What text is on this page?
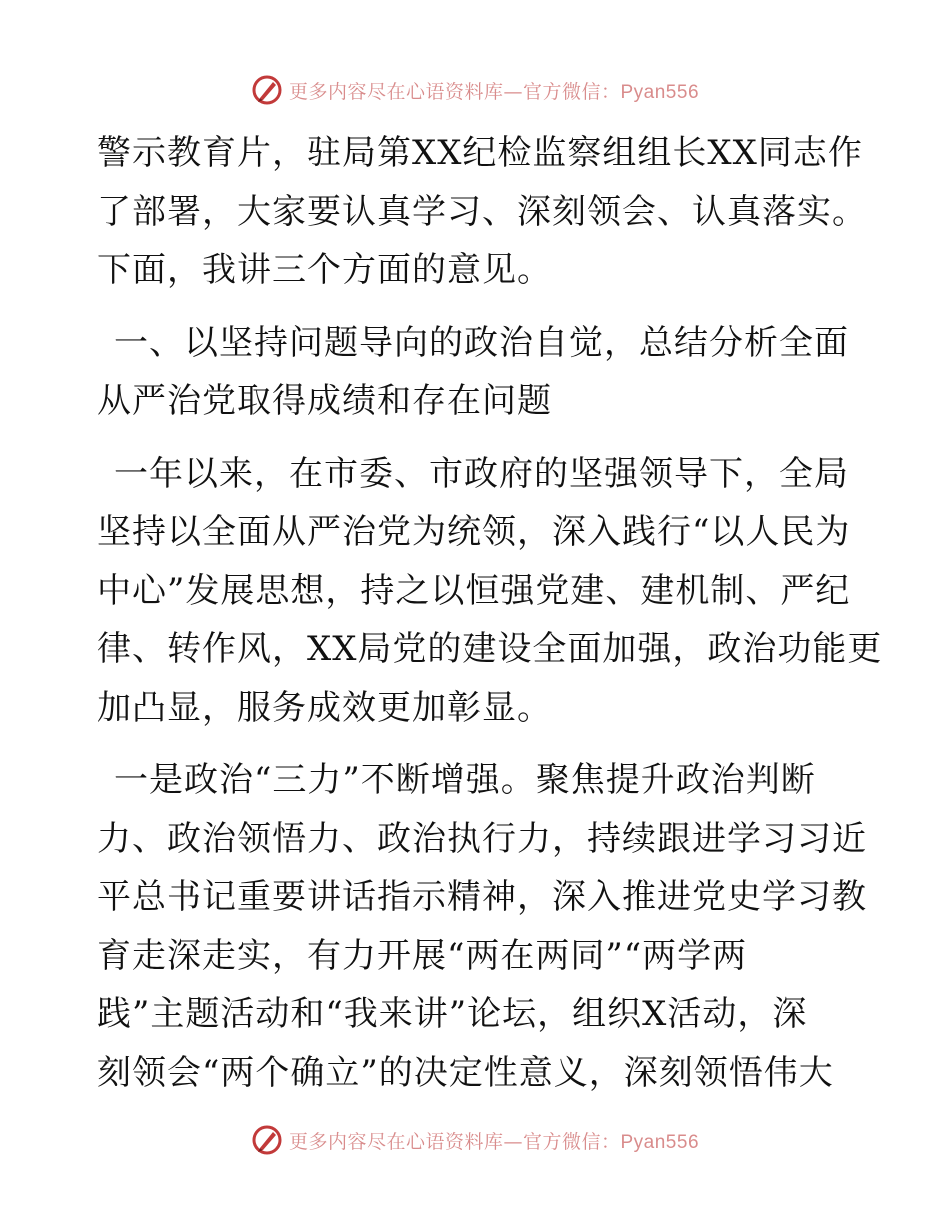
更多内容尽在心语资料库—官方微信：Pyan556
警示教育片，驻局第XX纪检监察组组长XX同志作
了部署，大家要认真学习、深刻领会、认真落实。
下面，我讲三个方面的意见。
一、以坚持问题导向的政治自觉，总结分析全面
从严治党取得成绩和存在问题
一年以来，在市委、市政府的坚强领导下，全局
坚持以全面从严治党为统领，深入践行“以人民为
中心”发展思想，持之以恒强党建、建机制、严纪
律、转作风，XX局党的建设全面加强，政治功能更
加凸显，服务成效更加彰显。
一是政治“三力”不断增强。聚焦提升政治判断
力、政治领悟力、政治执行力，持续跟进学习习近
平总书记重要讲话指示精神，深入推进党史学习教
育走深走实，有力开展“两在两同”“两学两
践”主题活动和“我来讲”论坛，组织X活动，深
刻领会“两个确立”的决定性意义，深刻领悟伟大
更多内容尽在心语资料库—官方微信：Pyan556
